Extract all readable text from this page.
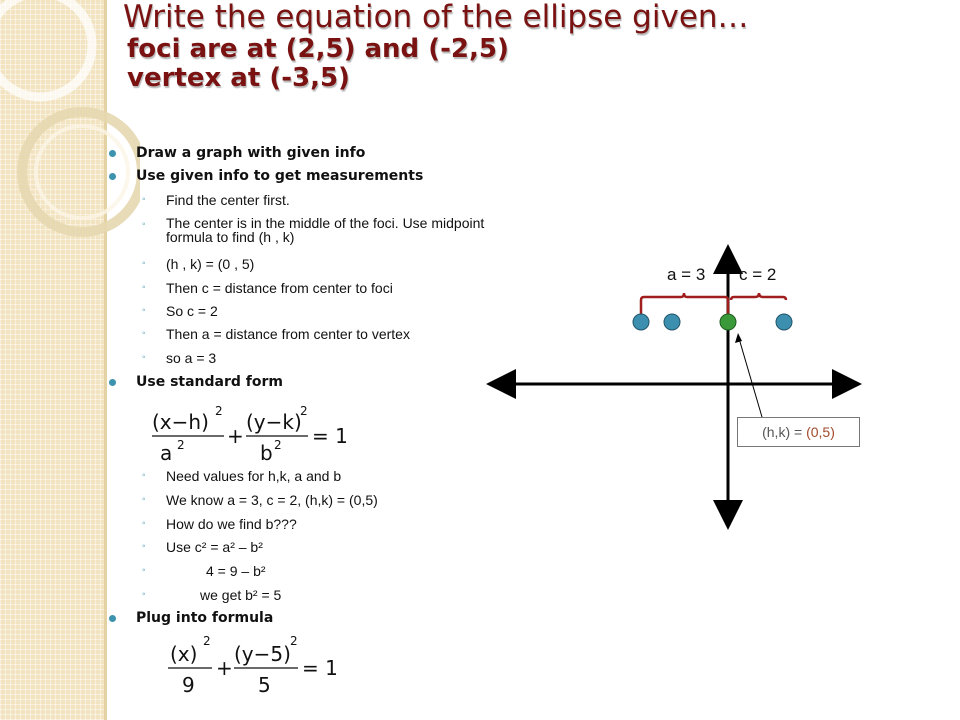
Write the equation of the ellipse given…
foci are at (2,5) and (-2,5)
vertex at (-3,5)
Draw a graph with given info
Use given info to get measurements
◦ Find the center first.
◦ The center is in the middle of the foci. Use midpoint formula to find (h , k)
◦ (h , k) = (0 , 5)
◦ Then c = distance from center to foci
◦ So c = 2
◦ Then a = distance from center to vertex
◦ so a = 3
Use standard form
◦ Need values for h,k, a and b
◦ We know a = 3, c = 2, (h,k) = (0,5)
◦ How do we find b???
◦ Use c² = a² – b²
◦	4 = 9 – b²
◦	we get b² = 5
Plug into formula
(x−h) 2
a 2 +
(y−k)
2
b 2 = 1
(x)
2
9
+
(y−5)
2
5
= 1
a = 3 c = 2
(h,k) = (0,5)
